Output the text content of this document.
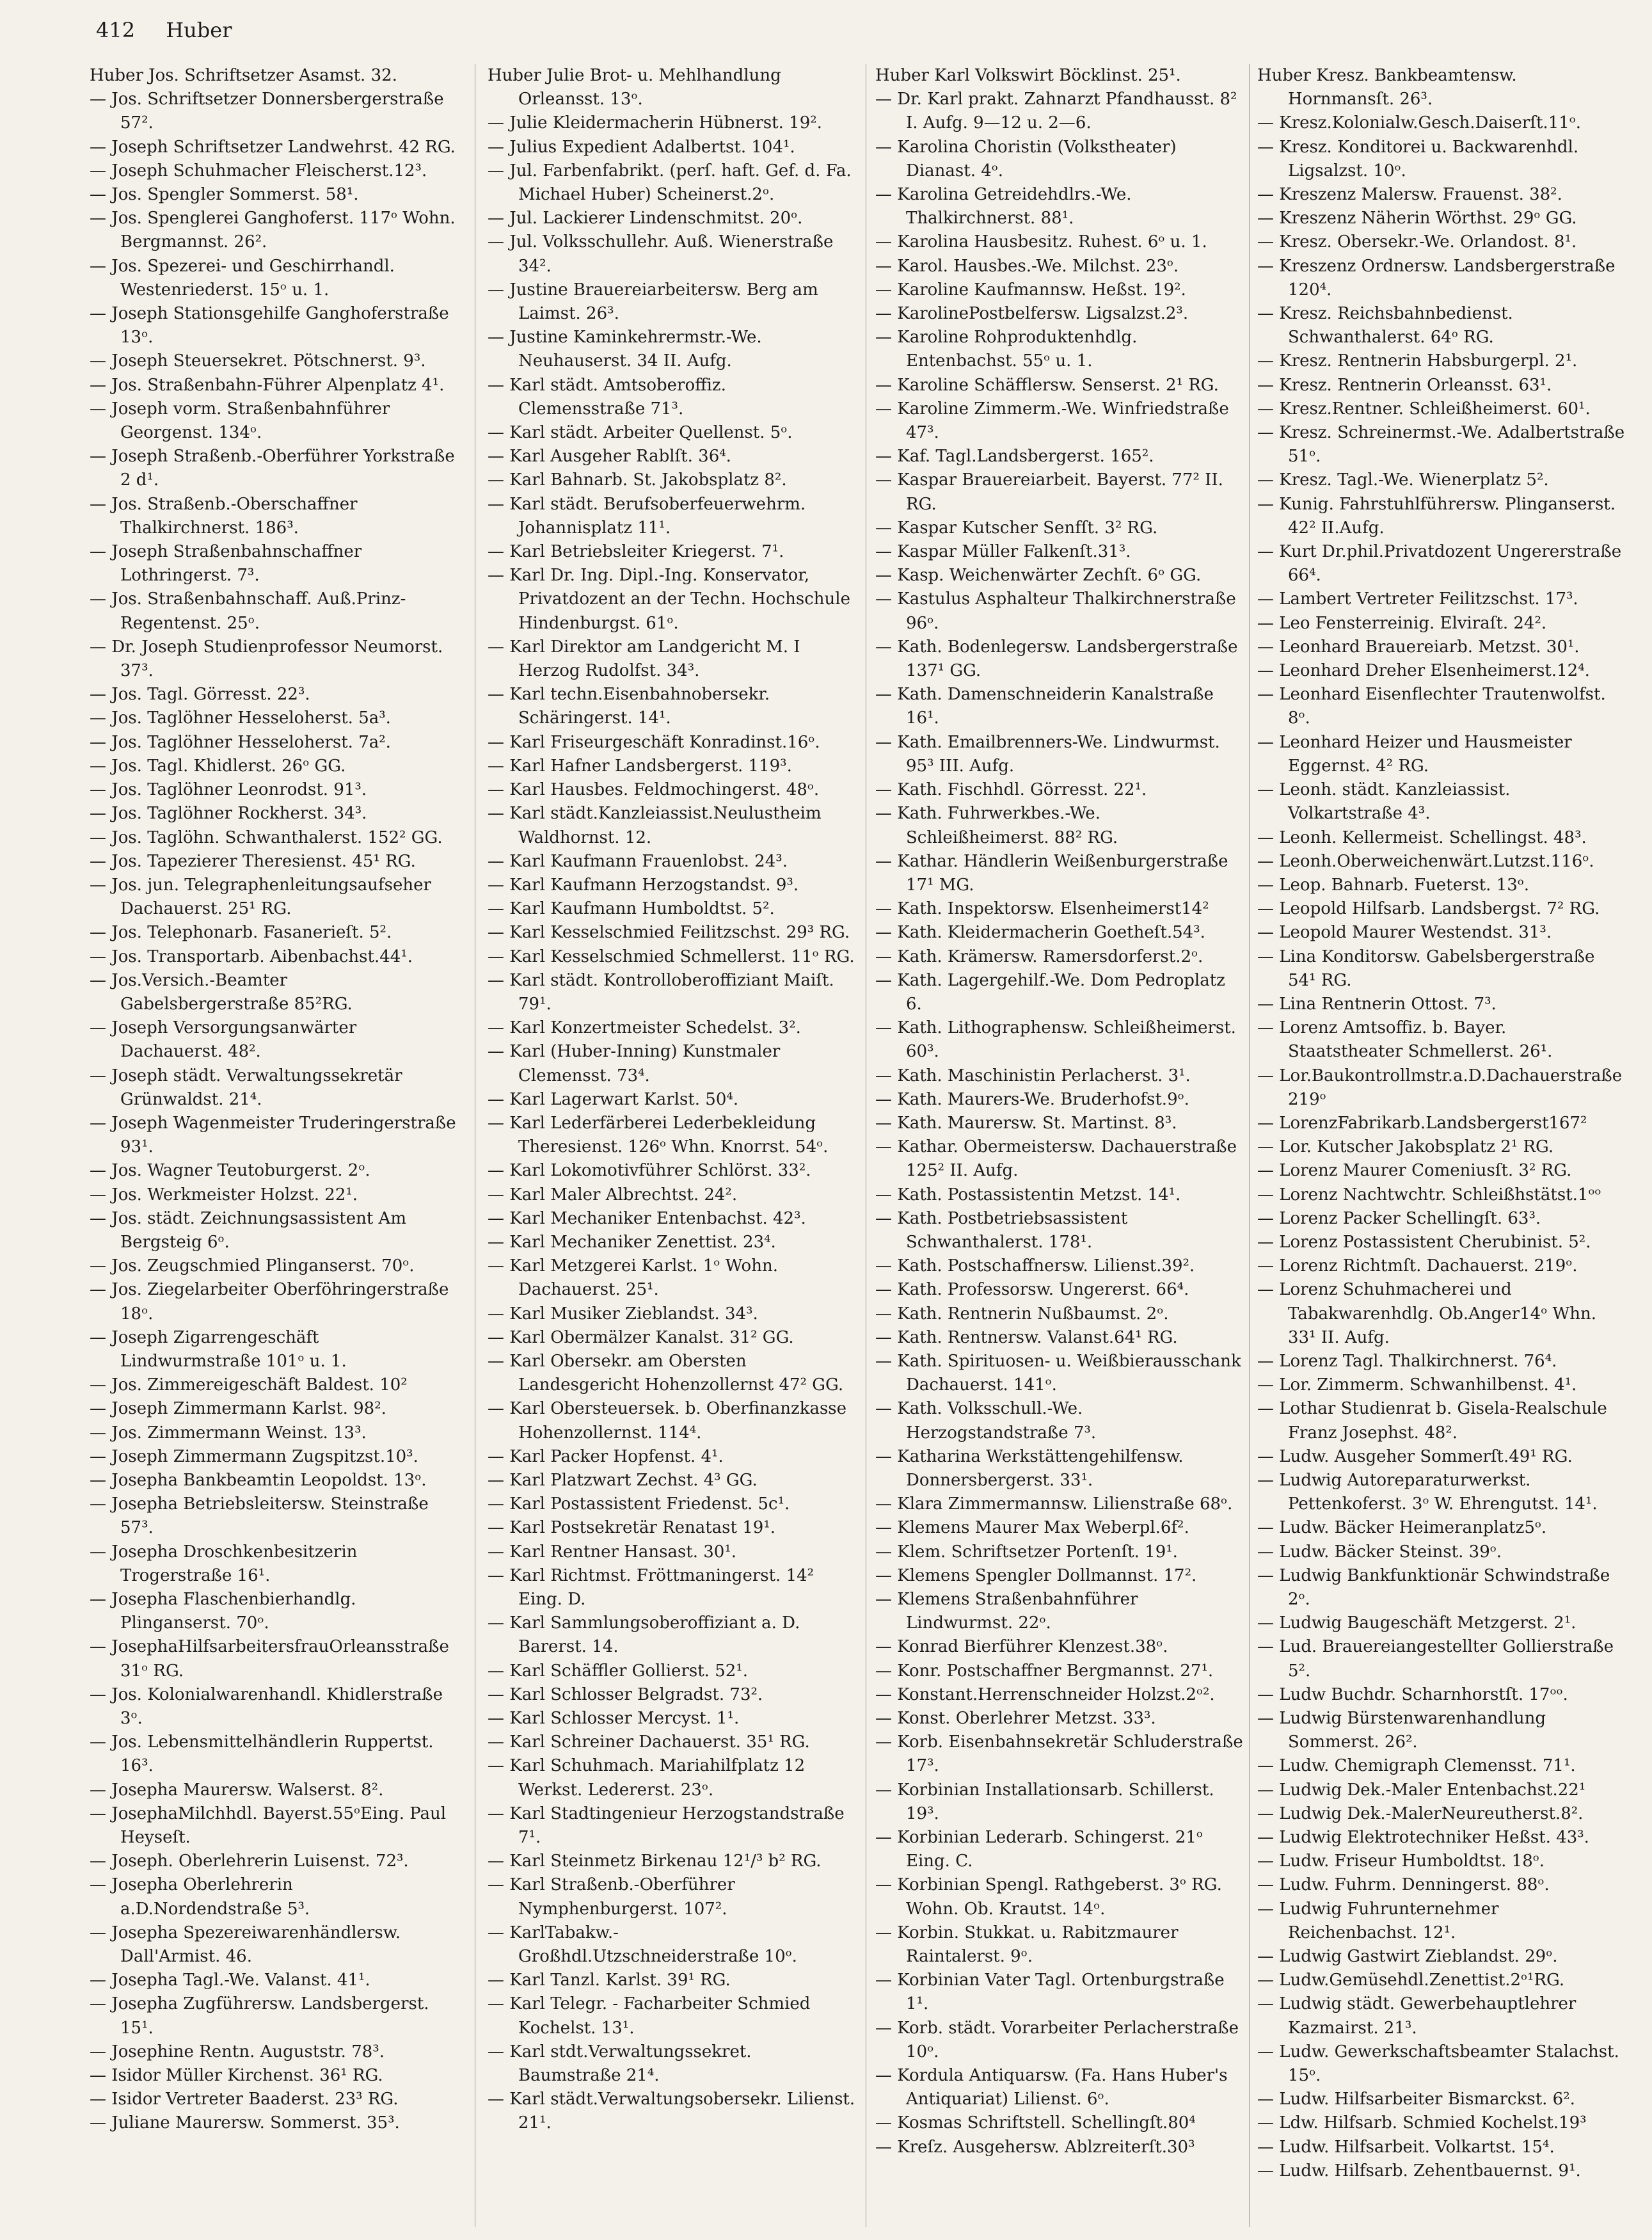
412 Huber

Huber Jos. Schriftsetzer Asamst. 32.

— Jos. Schriftsetzer Donnersbergerstraße 57².

— Joseph Schriftsetzer Landwehrst. 42 RG.

— Joseph Schuhmacher Fleischerst.12³.

— Jos. Spengler Sommerst. 58¹.

— Jos. Spenglerei Ganghoferst. 117ᵒ Wohn. Bergmannst. 26².

— Jos. Spezerei- und Geschirrhandl. Westenriederst. 15ᵒ u. 1.

— Joseph Stationsgehilfe Ganghoferstraße 13ᵒ.

— Joseph Steuersekret. Pötschnerst. 9³.

— Jos. Straßenbahn-Führer Alpenplatz 4¹.

— Joseph vorm. Straßenbahnführer Georgenst. 134ᵒ.

— Joseph Straßenb.-Oberführer Yorkstraße 2 d¹.

— Jos. Straßenb.-Oberschaffner Thalkirchnerst. 186³.

— Joseph Straßenbahnschaffner Lothringerst. 7³.

— Jos. Straßenbahnschaff. Auß.Prinz-Regentenst. 25ᵒ.

— Dr. Joseph Studienprofessor Neumorst. 37³.

— Jos. Tagl. Görresst. 22³.

— Jos. Taglöhner Hesseloherst. 5a³.

— Jos. Taglöhner Hesseloherst. 7a².

— Jos. Tagl. Khidlerst. 26ᵒ GG.

— Jos. Taglöhner Leonrodst. 91³.

— Jos. Taglöhner Rockherst. 34³.

— Jos. Taglöhn. Schwanthalerst. 152² GG.

— Jos. Tapezierer Theresienst. 45¹ RG.

— Jos. jun. Telegraphenleitungsaufseher Dachauerst. 25¹ RG.

— Jos. Telephonarb. Fasanerieſt. 5².

— Jos. Transportarb. Aibenbachst.44¹.

— Jos.Versich.-Beamter Gabelsbergerstraße 85²RG.

— Joseph Versorgungsanwärter Dachauerst. 48².

— Joseph städt. Verwaltungssekretär Grünwaldst. 21⁴.

— Joseph Wagenmeister Truderingerstraße 93¹.

— Jos. Wagner Teutoburgerst. 2ᵒ.

— Jos. Werkmeister Holzst. 22¹.

— Jos. städt. Zeichnungsassistent Am Bergsteig 6ᵒ.

— Jos. Zeugschmied Plinganserst. 70ᵒ.

— Jos. Ziegelarbeiter Oberföhringerstraße 18ᵒ.

— Joseph Zigarrengeschäft Lindwurmstraße 101ᵒ u. 1.

— Jos. Zimmereigeschäft Baldest. 10²

— Joseph Zimmermann Karlst. 98².

— Jos. Zimmermann Weinst. 13³.

— Joseph Zimmermann Zugspitzst.10³.

— Josepha Bankbeamtin Leopoldst. 13ᵒ.

— Josepha Betriebsleitersw. Steinstraße 57³.

— Josepha Droschkenbesitzerin Trogerstraße 16¹.

— Josepha Flaschenbierhandlg. Plinganserst. 70ᵒ.

— JosephaHilfsarbeitersfrauOrleansstraße 31ᵒ RG.

— Jos. Kolonialwarenhandl. Khidlerstraße 3ᵒ.

— Jos. Lebensmittelhändlerin Ruppertst. 16³.

— Josepha Maurersw. Walserst. 8².

— JosephaMilchhdl. Bayerst.55ᵒEing. Paul Heyseſt.

— Joseph. Oberlehrerin Luisenst. 72³.

— Josepha Oberlehrerin a.D.Nordendstraße 5³.

— Josepha Spezereiwarenhändlersw. Dall'Armist. 46.

— Josepha Tagl.-We. Valanst. 41¹.

— Josepha Zugführersw. Landsbergerst. 15¹.

— Josephine Rentn. Auguststr. 78³.

— Isidor Müller Kirchenst. 36¹ RG.

— Isidor Vertreter Baaderst. 23³ RG.

— Juliane Maurersw. Sommerst. 35³.

Huber Julie Brot- u. Mehlhandlung Orleansst. 13ᵒ.

— Julie Kleidermacherin Hübnerst. 19².

— Julius Expedient Adalbertst. 104¹.

— Jul. Farbenfabrikt. (perſ. haft. Gef. d. Fa. Michael Huber) Scheinerst.2ᵒ.

— Jul. Lackierer Lindenschmitst. 20ᵒ.

— Jul. Volksschullehr. Auß. Wienerstraße 34².

— Justine Brauereiarbeitersw. Berg am Laimst. 26³.

— Justine Kaminkehrermstr.-We. Neuhauserst. 34 II. Aufg.

— Karl städt. Amtsoberoffiz. Clemensstraße 71³.

— Karl städt. Arbeiter Quellenst. 5ᵒ.

— Karl Ausgeher Rablſt. 36⁴.

— Karl Bahnarb. St. Jakobsplatz 8².

— Karl städt. Berufsoberfeuerwehrm. Johannisplatz 11¹.

— Karl Betriebsleiter Kriegerst. 7¹.

— Karl Dr. Ing. Dipl.-Ing. Konservator, Privatdozent an der Techn. Hochschule Hindenburgst. 61ᵒ.

— Karl Direktor am Landgericht M. I Herzog Rudolfst. 34³.

— Karl techn.Eisenbahnobersekr. Schäringerst. 14¹.

— Karl Friseurgeschäft Konradinst.16ᵒ.

— Karl Hafner Landsbergerst. 119³.

— Karl Hausbes. Feldmochingerst. 48ᵒ.

— Karl städt.Kanzleiassist.Neulustheim Waldhornst. 12.

— Karl Kaufmann Frauenlobst. 24³.

— Karl Kaufmann Herzogstandst. 9³.

— Karl Kaufmann Humboldtst. 5².

— Karl Kesselschmied Feilitzschst. 29³ RG.

— Karl Kesselschmied Schmellerst. 11ᵒ RG.

— Karl städt. Kontrolloberoffiziant Maiſt. 79¹.

— Karl Konzertmeister Schedelst. 3².

— Karl (Huber-Inning) Kunstmaler Clemensst. 73⁴.

— Karl Lagerwart Karlst. 50⁴.

— Karl Lederfärberei Lederbekleidung Theresienst. 126ᵒ Whn. Knorrst. 54ᵒ.

— Karl Lokomotivführer Schlörst. 33².

— Karl Maler Albrechtst. 24².

— Karl Mechaniker Entenbachst. 42³.

— Karl Mechaniker Zenettist. 23⁴.

— Karl Metzgerei Karlst. 1ᵒ Wohn. Dachauerst. 25¹.

— Karl Musiker Zieblandst. 34³.

— Karl Obermälzer Kanalst. 31² GG.

— Karl Obersekr. am Obersten Landesgericht Hohenzollernst 47² GG.

— Karl Obersteuersek. b. Oberfinanzkasse Hohenzollernst. 114⁴.

— Karl Packer Hopfenst. 4¹.

— Karl Platzwart Zechst. 4³ GG.

— Karl Postassistent Friedenst. 5c¹.

— Karl Postsekretär Renatast 19¹.

— Karl Rentner Hansast. 30¹.

— Karl Richtmst. Fröttmaningerst. 14² Eing. D.

— Karl Sammlungsoberoffiziant a. D. Barerst. 14.

— Karl Schäffler Gollierst. 52¹.

— Karl Schlosser Belgradst. 73².

— Karl Schlosser Mercyst. 1¹.

— Karl Schreiner Dachauerst. 35¹ RG.

— Karl Schuhmach. Mariahilfplatz 12 Werkst. Ledererst. 23ᵒ.

— Karl Stadtingenieur Herzogstandstraße 7¹.

— Karl Steinmetz Birkenau 12¹/³ b² RG.

— Karl Straßenb.-Oberführer Nymphenburgerst. 107².

— KarlTabakw.-Großhdl.Utzschneiderstraße 10ᵒ.

— Karl Tanzl. Karlst. 39¹ RG.

— Karl Telegr. - Facharbeiter Schmied Kochelst. 13¹.

— Karl stdt.Verwaltungssekret. Baumstraße 21⁴.

— Karl städt.Verwaltungsobersekr. Lilienst. 21¹.

Huber Karl Volkswirt Böcklinst. 25¹.

— Dr. Karl prakt. Zahnarzt Pfandhausst. 8² I. Aufg. 9—12 u. 2—6.

— Karolina Choristin (Volkstheater) Dianast. 4ᵒ.

— Karolina Getreidehdlrs.-We. Thalkirchnerst. 88¹.

— Karolina Hausbesitz. Ruhest. 6ᵒ u. 1.

— Karol. Hausbes.-We. Milchst. 23ᵒ.

— Karoline Kaufmannsw. Heßst. 19².

— KarolinePostbelfersw. Ligsalzst.2³.

— Karoline Rohproduktenhdlg. Entenbachst. 55ᵒ u. 1.

— Karoline Schäfflersw. Senserst. 2¹ RG.

— Karoline Zimmerm.-We. Winfriedstraße 47³.

— Kaf. Tagl.Landsbergerst. 165².

— Kaspar Brauereiarbeit. Bayerst. 77² II. RG.

— Kaspar Kutscher Senfſt. 3² RG.

— Kaspar Müller Falkenſt.31³.

— Kasp. Weichenwärter Zechſt. 6ᵒ GG.

— Kastulus Asphalteur Thalkirchnerstraße 96ᵒ.

— Kath. Bodenlegersw. Landsbergerstraße 137¹ GG.

— Kath. Damenschneiderin Kanalstraße 16¹.

— Kath. Emailbrenners-We. Lindwurmst. 95³ III. Aufg.

— Kath. Fischhdl. Görresst. 22¹.

— Kath. Fuhrwerkbes.-We. Schleißheimerst. 88² RG.

— Kathar. Händlerin Weißenburgerstraße 17¹ MG.

— Kath. Inspektorsw. Elsenheimerst14²

— Kath. Kleidermacherin Goetheſt.54³.

— Kath. Krämersw. Ramersdorferst.2ᵒ.

— Kath. Lagergehilf.-We. Dom Pedroplatz 6.

— Kath. Lithographensw. Schleißheimerst. 60³.

— Kath. Maschinistin Perlacherst. 3¹.

— Kath. Maurers-We. Bruderhofst.9ᵒ.

— Kath. Maurersw. St. Martinst. 8³.

— Kathar. Obermeistersw. Dachauerstraße 125² II. Aufg.

— Kath. Postassistentin Metzst. 14¹.

— Kath. Postbetriebsassistent Schwanthalerst. 178¹.

— Kath. Postschaffnersw. Lilienst.39².

— Kath. Professorsw. Ungererst. 66⁴.

— Kath. Rentnerin Nußbaumst. 2ᵒ.

— Kath. Rentnersw. Valanst.64¹ RG.

— Kath. Spirituosen- u. Weißbierausschank Dachauerst. 141ᵒ.

— Kath. Volksschull.-We. Herzogstandstraße 7³.

— Katharina Werkstättengehilfensw. Donnersbergerst. 33¹.

— Klara Zimmermannsw. Lilienstraße 68ᵒ.

— Klemens Maurer Max Weberpl.6f².

— Klem. Schriftsetzer Portenſt. 19¹.

— Klemens Spengler Dollmannst. 17².

— Klemens Straßenbahnführer Lindwurmst. 22ᵒ.

— Konrad Bierführer Klenzest.38ᵒ.

— Konr. Postschaffner Bergmannst. 27¹.

— Konstant.Herrenschneider Holzst.2ᵒ².

— Konst. Oberlehrer Metzst. 33³.

— Korb. Eisenbahnsekretär Schluderstraße 17³.

— Korbinian Installationsarb. Schillerst. 19³.

— Korbinian Lederarb. Schingerst. 21ᵒ Eing. C.

— Korbinian Spengl. Rathgeberst. 3ᵒ RG. Wohn. Ob. Krautst. 14ᵒ.

— Korbin. Stukkat. u. Rabitzmaurer Raintalerst. 9ᵒ.

— Korbinian Vater Tagl. Ortenburgstraße 1¹.

— Korb. städt. Vorarbeiter Perlacherstraße 10ᵒ.

— Kordula Antiquarsw. (Fa. Hans Huber's Antiquariat) Lilienst. 6ᵒ.

— Kosmas Schriftstell. Schellingſt.80⁴

— Kreſz. Ausgehersw. Ablzreiterſt.30³

Huber Kresz. Bankbeamtensw. Hornmansſt. 26³.

— Kresz.Kolonialw.Gesch.Daiserſt.11ᵒ.

— Kresz. Konditorei u. Backwarenhdl. Ligsalzst. 10ᵒ.

— Kreszenz Malersw. Frauenst. 38².

— Kreszenz Näherin Wörthst. 29ᵒ GG.

— Kresz. Obersekr.-We. Orlandost. 8¹.

— Kreszenz Ordnersw. Landsbergerstraße 120⁴.

— Kresz. Reichsbahnbedienst. Schwanthalerst. 64ᵒ RG.

— Kresz. Rentnerin Habsburgerpl. 2¹.

— Kresz. Rentnerin Orleansst. 63¹.

— Kresz.Rentner. Schleißheimerst. 60¹.

— Kresz. Schreinermst.-We. Adalbertstraße 51ᵒ.

— Kresz. Tagl.-We. Wienerplatz 5².

— Kunig. Fahrstuhlführersw. Plinganserst. 42² II.Aufg.

— Kurt Dr.phil.Privatdozent Ungererstraße 66⁴.

— Lambert Vertreter Feilitzschst. 17³.

— Leo Fensterreinig. Elviraſt. 24².

— Leonhard Brauereiarb. Metzst. 30¹.

— Leonhard Dreher Elsenheimerst.12⁴.

— Leonhard Eisenflechter Trautenwolfst. 8ᵒ.

— Leonhard Heizer und Hausmeister Eggernst. 4² RG.

— Leonh. städt. Kanzleiassist. Volkartstraße 4³.

— Leonh. Kellermeist. Schellingst. 48³.

— Leonh.Oberweichenwärt.Lutzst.116ᵒ.

— Leop. Bahnarb. Fueterst. 13ᵒ.

— Leopold Hilfsarb. Landsbergst. 7² RG.

— Leopold Maurer Westendst. 31³.

— Lina Konditorsw. Gabelsbergerstraße 54¹ RG.

— Lina Rentnerin Ottost. 7³.

— Lorenz Amtsoffiz. b. Bayer. Staatstheater Schmellerst. 26¹.

— Lor.Baukontrollmstr.a.D.Dachauerstraße 219ᵒ

— LorenzFabrikarb.Landsbergerst167²

— Lor. Kutscher Jakobsplatz 2¹ RG.

— Lorenz Maurer Comeniusſt. 3² RG.

— Lorenz Nachtwchtr. Schleißhstätst.1ᵒᵒ

— Lorenz Packer Schellingſt. 63³.

— Lorenz Postassistent Cherubinist. 5².

— Lorenz Richtmſt. Dachauerst. 219ᵒ.

— Lorenz Schuhmacherei und Tabakwarenhdlg. Ob.Anger14ᵒ Whn. 33¹ II. Aufg.

— Lorenz Tagl. Thalkirchnerst. 76⁴.

— Lor. Zimmerm. Schwanhilbenst. 4¹.

— Lothar Studienrat b. Gisela-Realschule Franz Josephst. 48².

— Ludw. Ausgeher Sommerſt.49¹ RG.

— Ludwig Autoreparaturwerkst. Pettenkoferst. 3ᵒ W. Ehrengutst. 14¹.

— Ludw. Bäcker Heimeranplatz5ᵒ.

— Ludw. Bäcker Steinst. 39ᵒ.

— Ludwig Bankfunktionär Schwindstraße 2ᵒ.

— Ludwig Baugeschäft Metzgerst. 2¹.

— Lud. Brauereiangestellter Gollierstraße 5².

— Ludw Buchdr. Scharnhorstſt. 17ᵒᵒ.

— Ludwig Bürstenwarenhandlung Sommerst. 26².

— Ludw. Chemigraph Clemensst. 71¹.

— Ludwig Dek.-Maler Entenbachst.22¹

— Ludwig Dek.-MalerNeureutherst.8².

— Ludwig Elektrotechniker Heßst. 43³.

— Ludw. Friseur Humboldtst. 18ᵒ.

— Ludw. Fuhrm. Denningerst. 88ᵒ.

— Ludwig Fuhrunternehmer Reichenbachst. 12¹.

— Ludwig Gastwirt Zieblandst. 29ᵒ.

— Ludw.Gemüsehdl.Zenettist.2ᵒ¹RG.

— Ludwig städt. Gewerbehauptlehrer Kazmairst. 21³.

— Ludw. Gewerkschaftsbeamter Stalachst. 15ᵒ.

— Ludw. Hilfsarbeiter Bismarckst. 6².

— Ldw. Hilfsarb. Schmied Kochelst.19³

— Ludw. Hilfsarbeit. Volkartst. 15⁴.

— Ludw. Hilfsarb. Zehentbauernst. 9¹.
